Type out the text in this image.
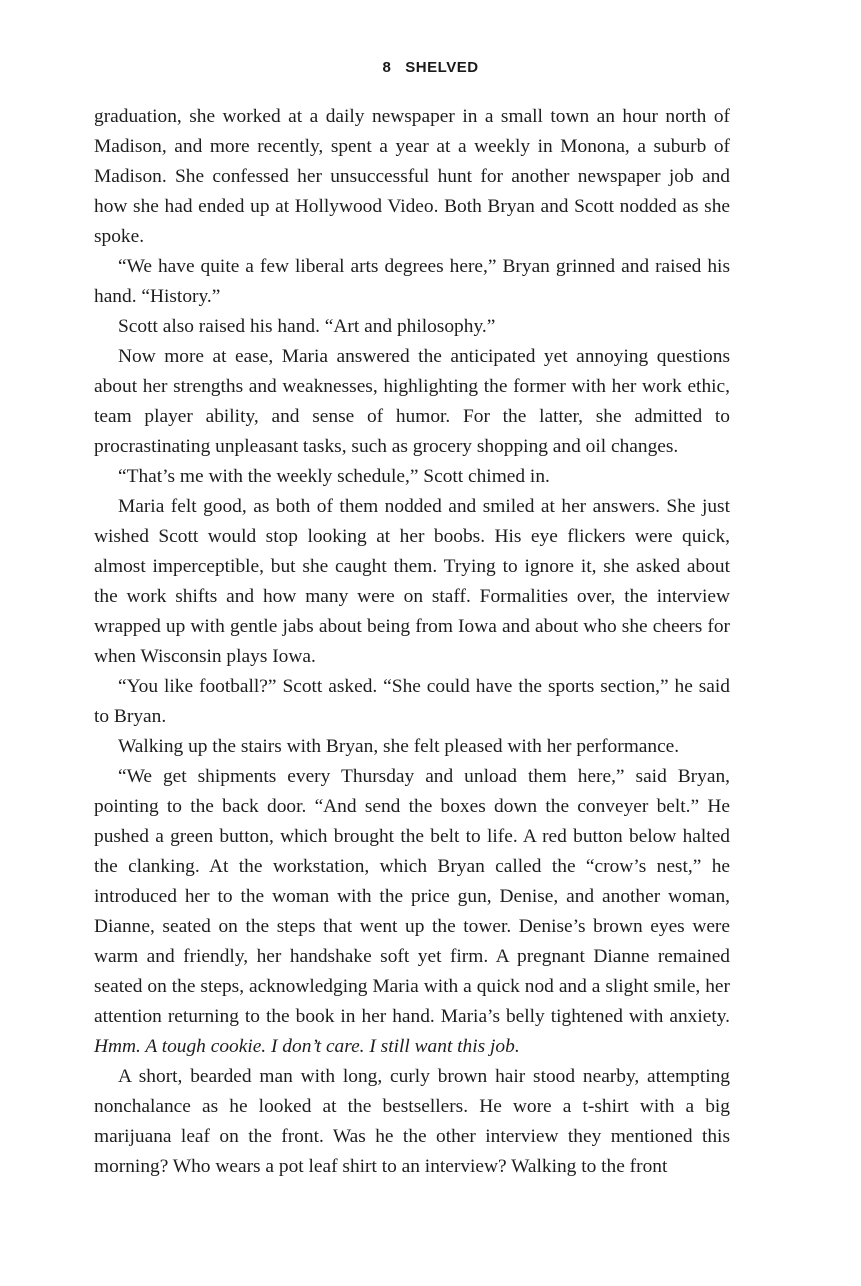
8 SHELVED

graduation, she worked at a daily newspaper in a small town an hour north of Madison, and more recently, spent a year at a weekly in Monona, a suburb of Madison. She confessed her unsuccessful hunt for another newspaper job and how she had ended up at Hollywood Video. Both Bryan and Scott nodded as she spoke.

“We have quite a few liberal arts degrees here,” Bryan grinned and raised his hand. “History.”

Scott also raised his hand. “Art and philosophy.”

Now more at ease, Maria answered the anticipated yet annoying questions about her strengths and weaknesses, highlighting the former with her work ethic, team player ability, and sense of humor. For the latter, she admitted to procrastinating unpleasant tasks, such as grocery shopping and oil changes.

“That’s me with the weekly schedule,” Scott chimed in.

Maria felt good, as both of them nodded and smiled at her answers. She just wished Scott would stop looking at her boobs. His eye flickers were quick, almost imperceptible, but she caught them. Trying to ignore it, she asked about the work shifts and how many were on staff. Formalities over, the interview wrapped up with gentle jabs about being from Iowa and about who she cheers for when Wisconsin plays Iowa.

“You like football?” Scott asked. “She could have the sports section,” he said to Bryan.

Walking up the stairs with Bryan, she felt pleased with her performance.

“We get shipments every Thursday and unload them here,” said Bryan, pointing to the back door. “And send the boxes down the conveyer belt.” He pushed a green button, which brought the belt to life. A red button below halted the clanking. At the workstation, which Bryan called the “crow’s nest,” he introduced her to the woman with the price gun, Denise, and another woman, Dianne, seated on the steps that went up the tower. Denise’s brown eyes were warm and friendly, her handshake soft yet firm. A pregnant Dianne remained seated on the steps, acknowledging Maria with a quick nod and a slight smile, her attention returning to the book in her hand. Maria’s belly tightened with anxiety. Hmm. A tough cookie. I don’t care. I still want this job.

A short, bearded man with long, curly brown hair stood nearby, attempting nonchalance as he looked at the bestsellers. He wore a t-shirt with a big marijuana leaf on the front. Was he the other interview they mentioned this morning? Who wears a pot leaf shirt to an interview? Walking to the front
